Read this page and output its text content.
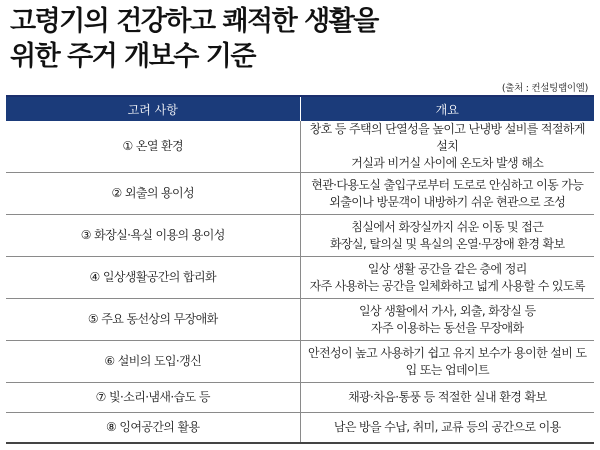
고령기의 건강하고 쾌적한 생활을
위한 주거 개보수 기준
(출처 : 컨설팅랩이엘)
고려 사항	개요
① 온열 환경	창호 등 주택의 단열성을 높이고 난냉방 설비를 적절하게 설치
거실과 비거실 사이에 온도차 발생 해소

② 외출의 용이성	현관·다용도실 출입구로부터 도로로 안심하고 이동 가능
외출이나 방문객이 내방하기 쉬운 현관으로 조성

③ 화장실·욕실 이용의 용이성	침실에서 화장실까지 쉬운 이동 및 접근
화장실, 탈의실 및 욕실의 온열·무장애 환경 확보

④ 일상생활공간의 합리화	일상 생활 공간을 같은 층에 정리
자주 사용하는 공간을 일체화하고 넓게 사용할 수 있도록

⑤ 주요 동선상의 무장애화	일상 생활에서 가사, 외출, 화장실 등
자주 이용하는 동선을 무장애화

⑥ 설비의 도입·갱신	안전성이 높고 사용하기 쉽고 유지 보수가 용이한 설비 도입 또는 업데이트
⑦ 빛·소리·냄새·습도 등	채광·차음·통풍 등 적절한 실내 환경 확보
⑧ 잉여공간의 활용	남은 방을 수납, 취미, 교류 등의 공간으로 이용
